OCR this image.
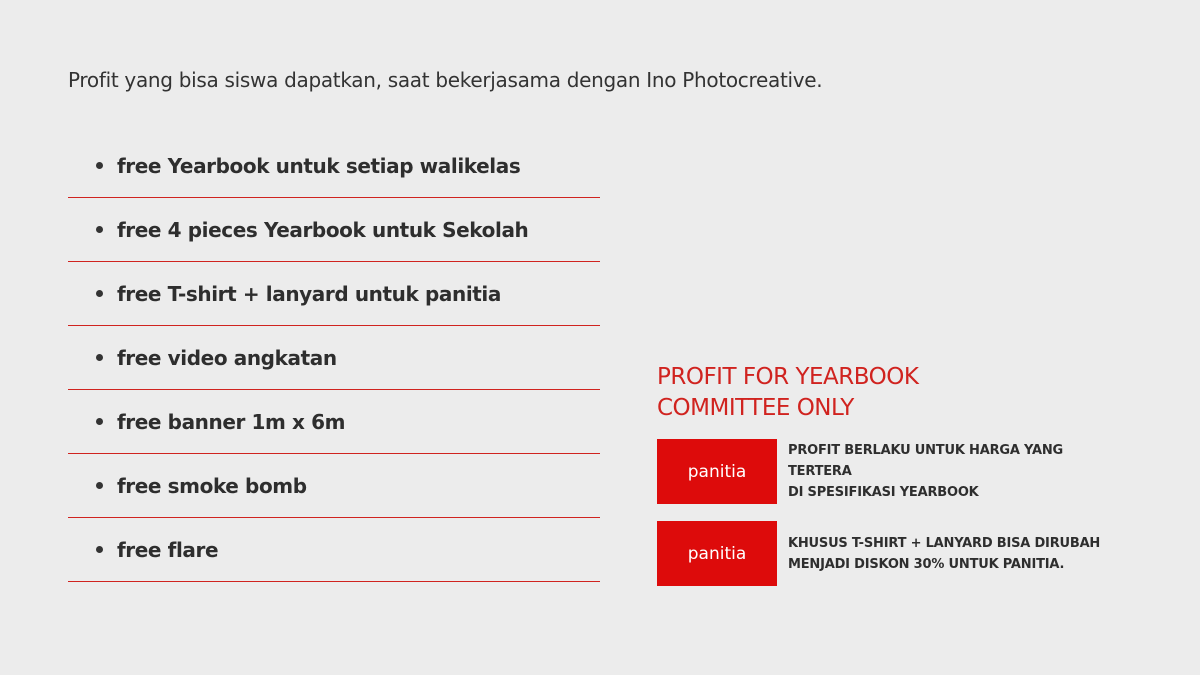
Profit yang bisa siswa dapatkan, saat bekerjasama dengan Ino Photocreative.
free Yearbook untuk setiap walikelas
free 4 pieces Yearbook untuk Sekolah
free T-shirt + lanyard untuk panitia
free video angkatan
free banner 1m x 6m
free smoke bomb
free flare
PROFIT FOR YEARBOOK
COMMITTEE ONLY
panitia
PROFIT BERLAKU UNTUK HARGA YANG TERTERA
DI SPESIFIKASI YEARBOOK
panitia
KHUSUS T-SHIRT + LANYARD BISA DIRUBAH
MENJADI DISKON 30% UNTUK PANITIA.
